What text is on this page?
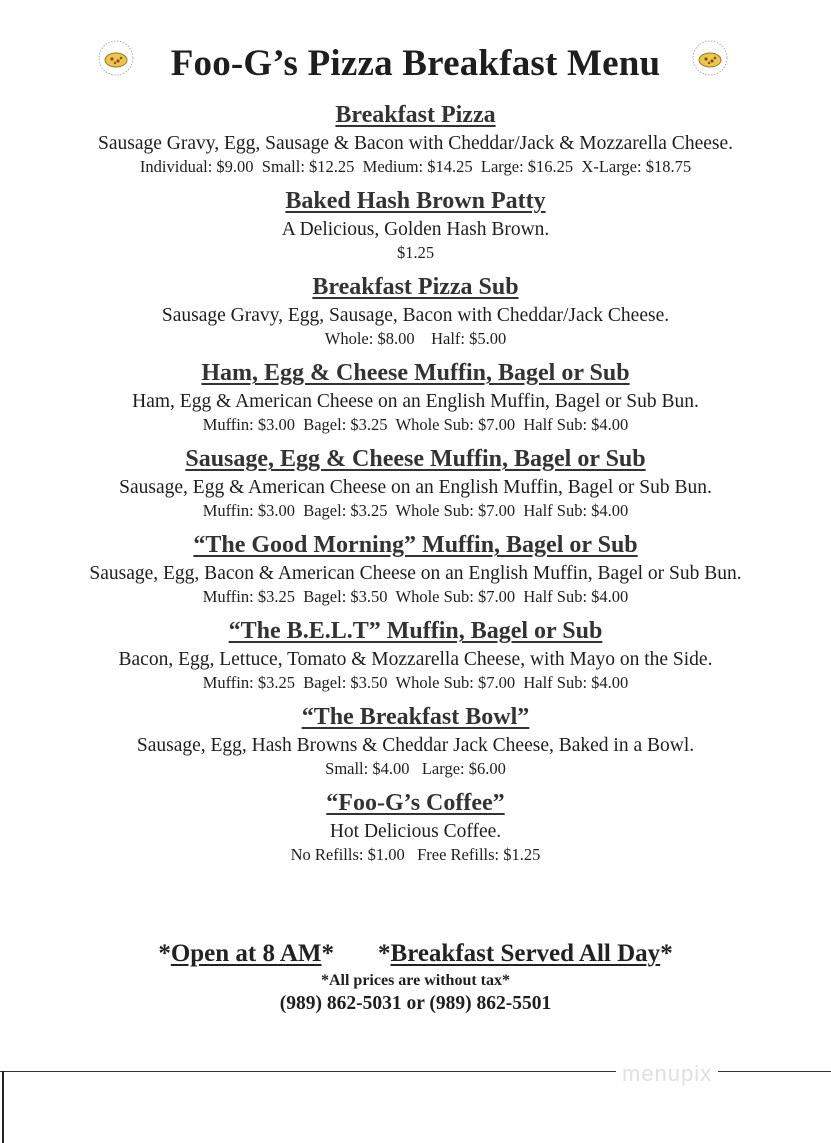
Foo-G’s Pizza Breakfast Menu
Breakfast Pizza
Sausage Gravy, Egg, Sausage & Bacon with Cheddar/Jack & Mozzarella Cheese.
Individual: $9.00  Small: $12.25  Medium: $14.25  Large: $16.25  X-Large: $18.75
Baked Hash Brown Patty
A Delicious, Golden Hash Brown.
$1.25
Breakfast Pizza Sub
Sausage Gravy, Egg, Sausage, Bacon with Cheddar/Jack Cheese.
Whole: $8.00    Half: $5.00
Ham, Egg & Cheese Muffin, Bagel or Sub
Ham, Egg & American Cheese on an English Muffin, Bagel or Sub Bun.
Muffin: $3.00  Bagel: $3.25  Whole Sub: $7.00  Half Sub: $4.00
Sausage, Egg & Cheese Muffin, Bagel or Sub
Sausage, Egg & American Cheese on an English Muffin, Bagel or Sub Bun.
Muffin: $3.00  Bagel: $3.25  Whole Sub: $7.00  Half Sub: $4.00
“The Good Morning” Muffin, Bagel or Sub
Sausage, Egg, Bacon & American Cheese on an English Muffin, Bagel or Sub Bun.
Muffin: $3.25  Bagel: $3.50  Whole Sub: $7.00  Half Sub: $4.00
“The B.E.L.T” Muffin, Bagel or Sub
Bacon, Egg, Lettuce, Tomato & Mozzarella Cheese, with Mayo on the Side.
Muffin: $3.25  Bagel: $3.50  Whole Sub: $7.00  Half Sub: $4.00
“The Breakfast Bowl”
Sausage, Egg, Hash Browns & Cheddar Jack Cheese, Baked in a Bowl.
Small: $4.00   Large: $6.00
“Foo-G’s Coffee”
Hot Delicious Coffee.
No Refills: $1.00   Free Refills: $1.25
*Open at 8 AM* *Breakfast Served All Day*
*All prices are without tax*
(989) 862-5031 or (989) 862-5501
menupix
